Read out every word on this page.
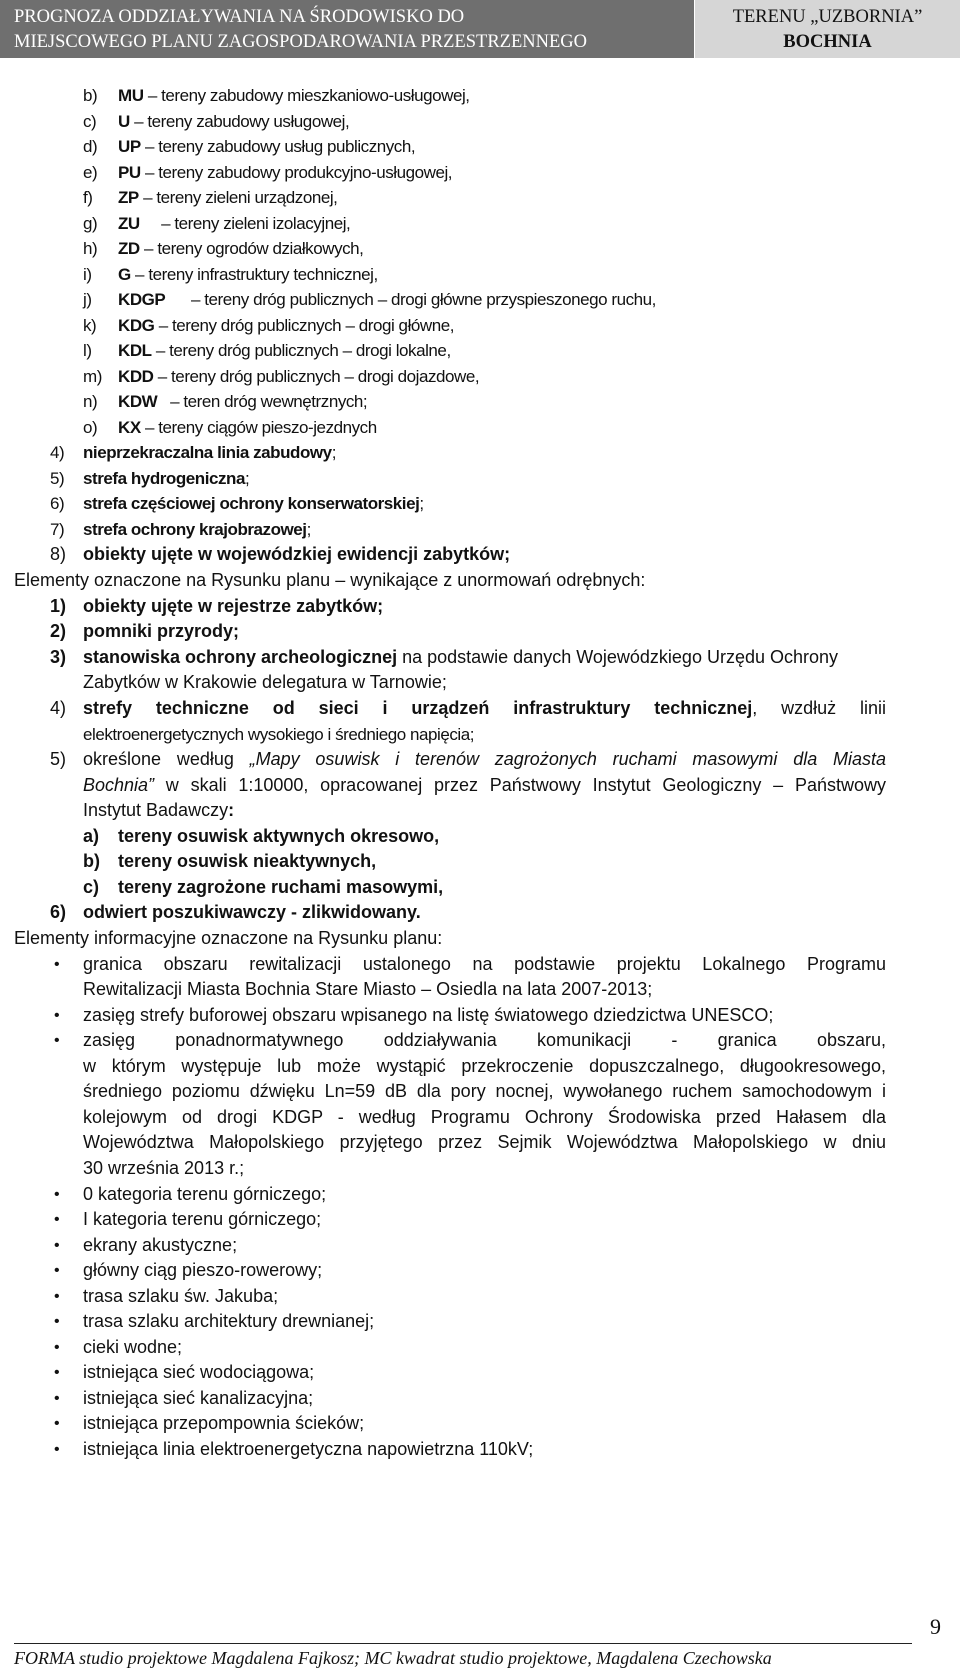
PROGNOZA ODDZIAŁYWANIA NA ŚRODOWISKO DO
MIEJSCOWEGO PLANU ZAGOSPODAROWANIA PRZESTRZENNEGO
TERENU „UZBORNIA”
BOCHNIA
b) MU – tereny zabudowy mieszkaniowo-usługowej,
c) U – tereny zabudowy usługowej,
d) UP – tereny zabudowy usług publicznych,
e) PU – tereny zabudowy produkcyjno-usługowej,
f) ZP – tereny zieleni urządzonej,
g) ZU     – tereny zieleni izolacyjnej,
h) ZD – tereny ogrodów działkowych,
i) G – tereny infrastruktury technicznej,
j) KDGP      – tereny dróg publicznych – drogi główne przyspieszonego ruchu,
k) KDG – tereny dróg publicznych – drogi główne,
l) KDL – tereny dróg publicznych – drogi lokalne,
m) KDD – tereny dróg publicznych – drogi dojazdowe,
n) KDW   – teren dróg wewnętrznych;
o) KX – tereny ciągów pieszo-jezdnych
4) nieprzekraczalna linia zabudowy;
5) strefa hydrogeniczna;
6) strefa częściowej ochrony konserwatorskiej;
7) strefa ochrony krajobrazowej;
8) obiekty ujęte w wojewódzkiej ewidencji zabytków;
Elementy oznaczone na Rysunku planu – wynikające z unormowań odrębnych:
1) obiekty ujęte w rejestrze zabytków;
2) pomniki przyrody;
3) stanowiska ochrony archeologicznej na podstawie danych Wojewódzkiego Urzędu Ochrony
Zabytków w Krakowie delegatura w Tarnowie;
4) strefy techniczne od sieci i urządzeń infrastruktury technicznej, wzdłuż linii
elektroenergetycznych wysokiego i średniego napięcia;
5) określone według „Mapy osuwisk i terenów zagrożonych ruchami masowymi dla Miasta
Bochnia” w skali 1:10000, opracowanej przez Państwowy Instytut Geologiczny – Państwowy
Instytut Badawczy:
a) tereny osuwisk aktywnych okresowo,
b) tereny osuwisk nieaktywnych,
c) tereny zagrożone ruchami masowymi,
6) odwiert poszukiwawczy - zlikwidowany.
Elementy informacyjne oznaczone na Rysunku planu:
• granica obszaru rewitalizacji ustalonego na podstawie projektu Lokalnego Programu
Rewitalizacji Miasta Bochnia Stare Miasto – Osiedla na lata 2007-2013;
• zasięg strefy buforowej obszaru wpisanego na listę światowego dziedzictwa UNESCO;
• zasięg ponadnormatywnego oddziaływania komunikacji - granica obszaru,
w którym występuje lub może wystąpić przekroczenie dopuszczalnego, długookresowego,
średniego poziomu dźwięku Ln=59 dB dla pory nocnej, wywołanego ruchem samochodowym i
kolejowym od drogi KDGP - według Programu Ochrony Środowiska przed Hałasem dla
Województwa Małopolskiego przyjętego przez Sejmik Województwa Małopolskiego w dniu
30 września 2013 r.;
• 0 kategoria terenu górniczego;
• I kategoria terenu górniczego;
• ekrany akustyczne;
• główny ciąg pieszo-rowerowy;
• trasa szlaku św. Jakuba;
• trasa szlaku architektury drewnianej;
• cieki wodne;
• istniejąca sieć wodociągowa;
• istniejąca sieć kanalizacyjna;
• istniejąca przepompownia ścieków;
• istniejąca linia elektroenergetyczna napowietrzna 110kV;
9
FORMA studio projektowe Magdalena Fajkosz; MC kwadrat studio projektowe, Magdalena Czechowska
